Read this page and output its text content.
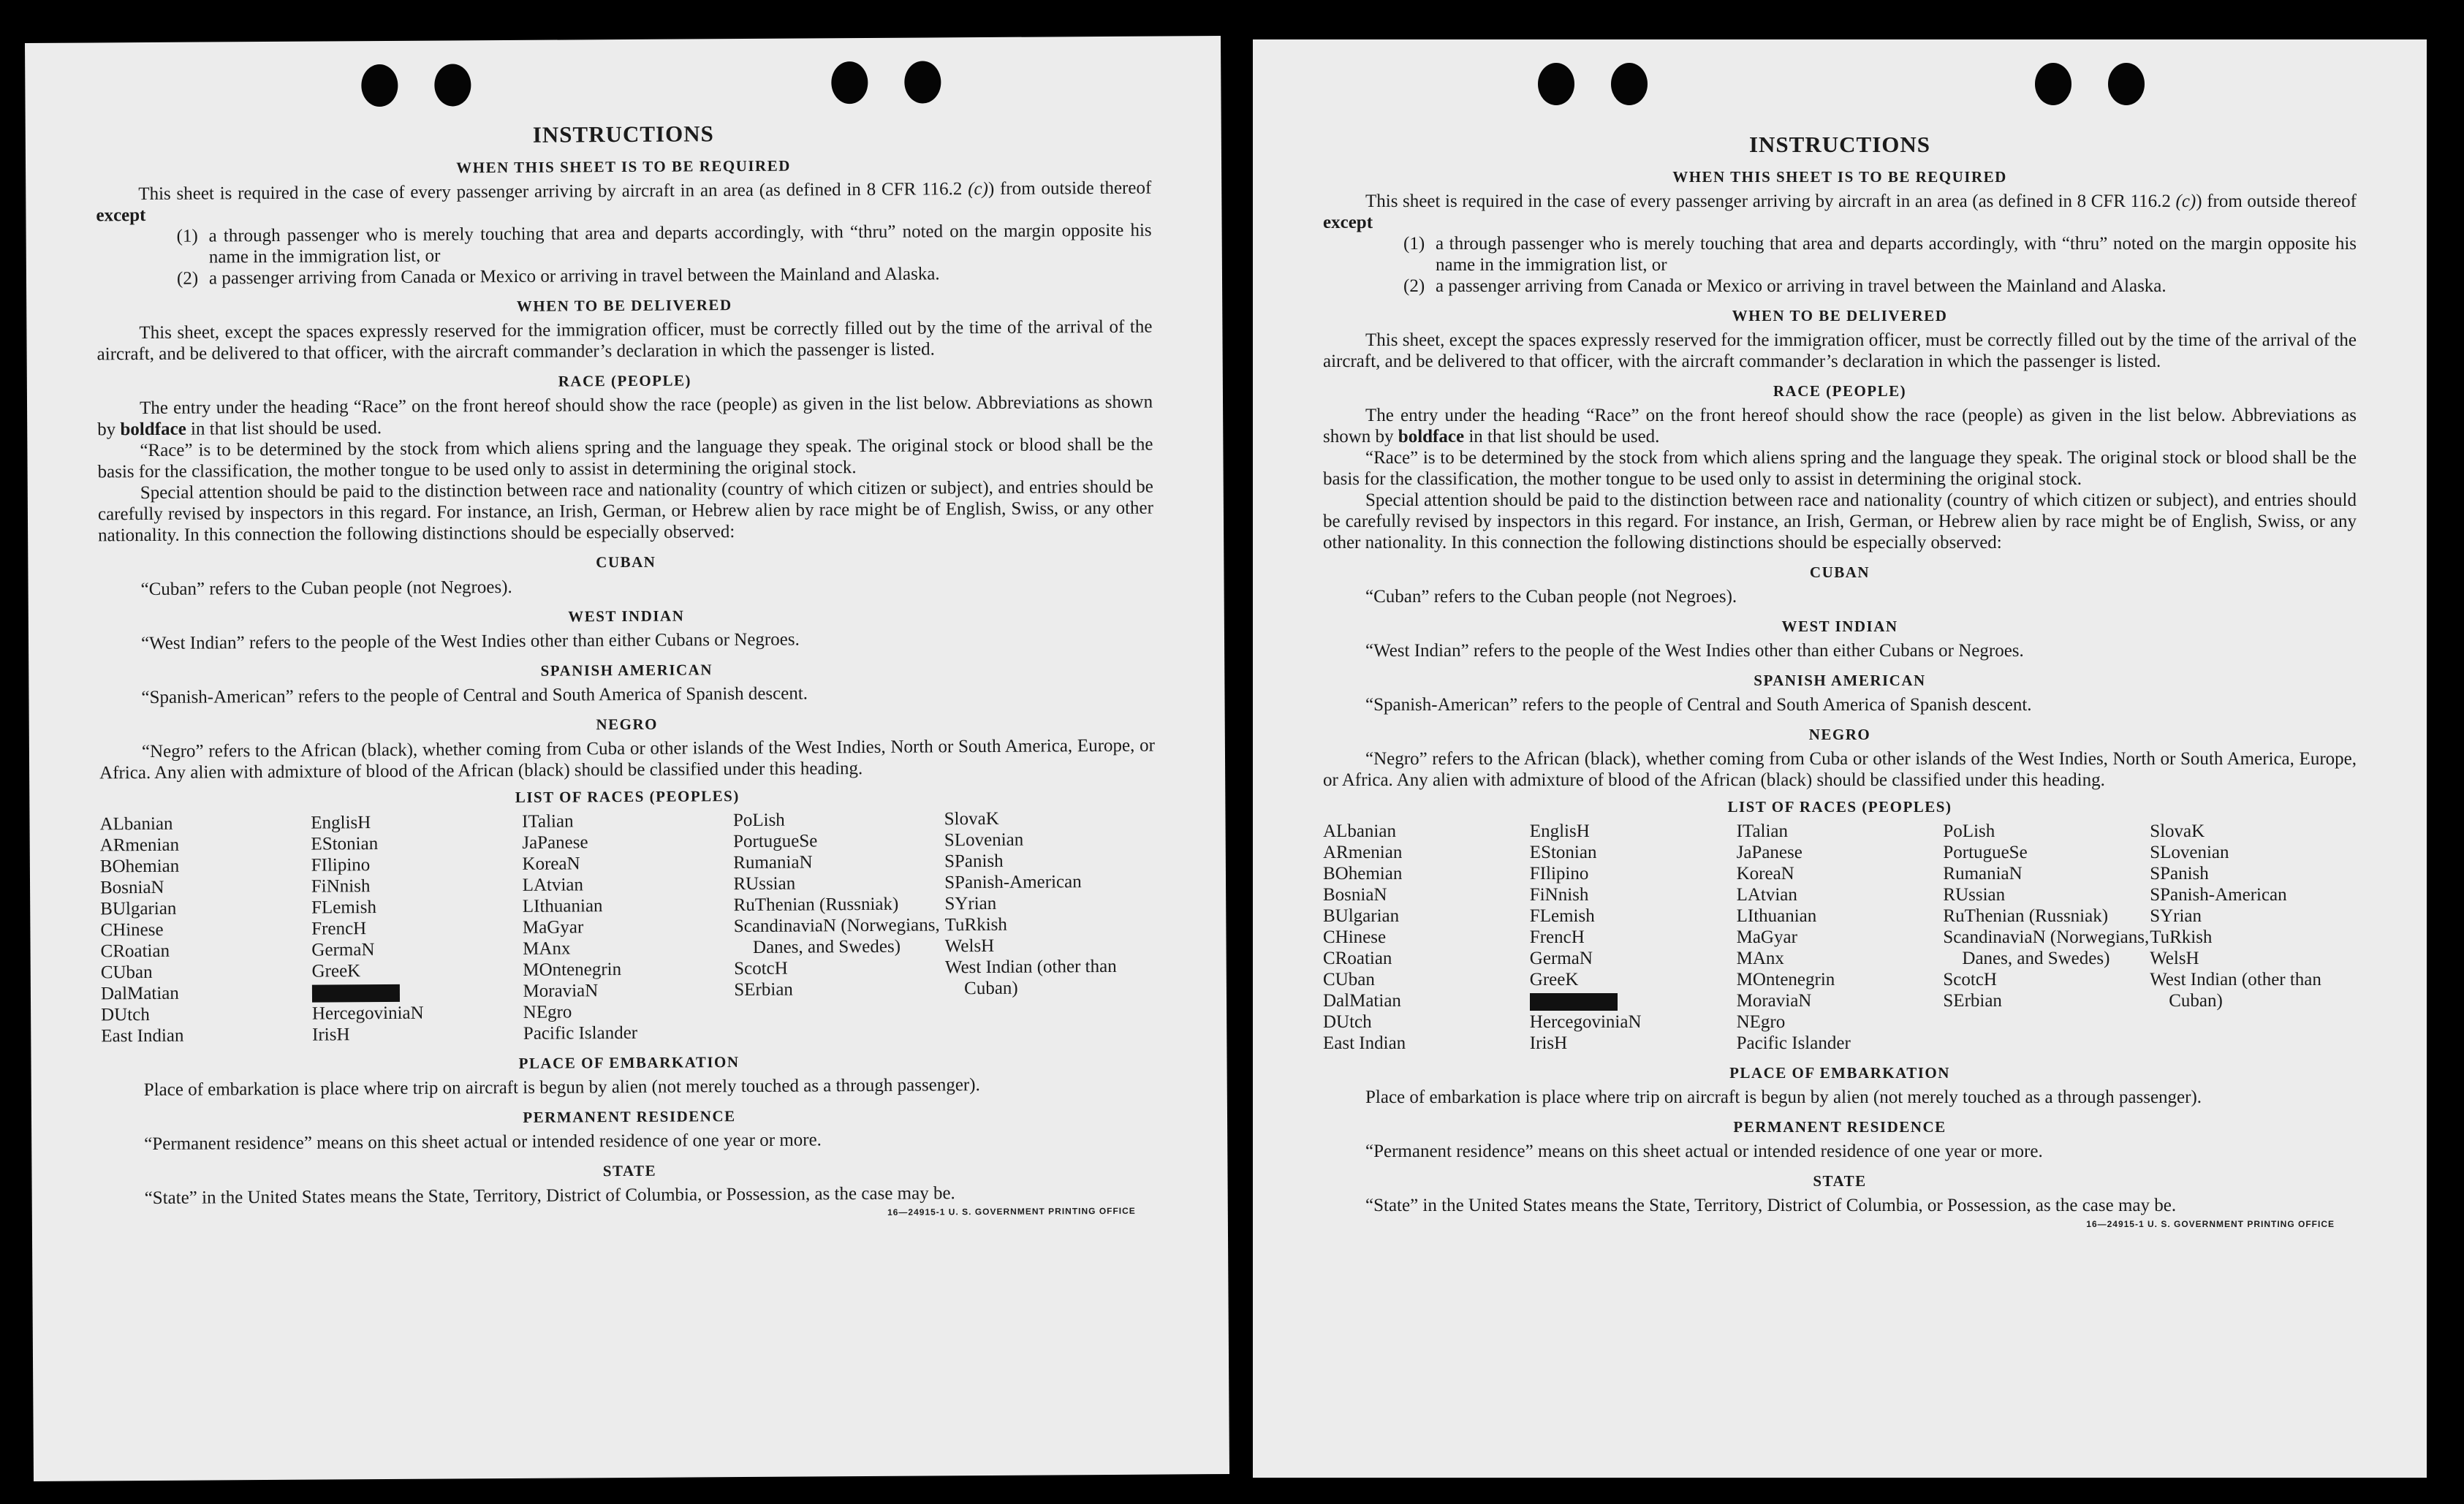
INSTRUCTIONS
WHEN THIS SHEET IS TO BE REQUIRED

This sheet is required in the case of every passenger arriving by aircraft in an area (as defined in 8 CFR 116.2 (c)) from outside thereof except

(1) a through passenger who is merely touching that area and departs accordingly, with “thru” noted on the margin opposite his name in the immigration list, or
(2) a passenger arriving from Canada or Mexico or arriving in travel between the Mainland and Alaska.
WHEN TO BE DELIVERED

This sheet, except the spaces expressly reserved for the immigration officer, must be correctly filled out by the time of the arrival of the aircraft, and be delivered to that officer, with the aircraft commander’s declaration in which the passenger is listed.

RACE (PEOPLE)

The entry under the heading “Race” on the front hereof should show the race (people) as given in the list below. Abbreviations as shown by boldface in that list should be used.

“Race” is to be determined by the stock from which aliens spring and the language they speak. The original stock or blood shall be the basis for the classification, the mother tongue to be used only to assist in determining the original stock.

Special attention should be paid to the distinction between race and nationality (country of which citizen or subject), and entries should be carefully revised by inspectors in this regard. For instance, an Irish, German, or Hebrew alien by race might be of English, Swiss, or any other nationality. In this connection the following distinctions should be especially observed:

CUBAN

“Cuban” refers to the Cuban people (not Negroes).

WEST INDIAN

“West Indian” refers to the people of the West Indies other than either Cubans or Negroes.

SPANISH AMERICAN

“Spanish-American” refers to the people of Central and South America of Spanish descent.

NEGRO

“Negro” refers to the African (black), whether coming from Cuba or other islands of the West Indies, North or South America, Europe, or Africa. Any alien with admixture of blood of the African (black) should be classified under this heading.

LIST OF RACES (PEOPLES)
ALbanian
ARmenian
BOhemian
BosniaN
BUlgarian
CHinese
CRoatian
CUban
DalMatian
DUtch
East Indian
EnglisH
EStonian
FIlipino
FiNnish
FLemish
FrencH
GermaN
GreeK
HercegoviniaN
IrisH
ITalian
JaPanese
KoreaN
LAtvian
LIthuanian
MaGyar
MAnx
MOntenegrin
MoraviaN
NEgro
Pacific Islander
PoLish
PortugueSe
RumaniaN
RUssian
RuThenian (Russniak)
ScandinaviaN (Norwegians, Danes, and Swedes)
ScotcH
SErbian
SlovaK
SLovenian
SPanish
SPanish-American
SYrian
TuRkish
WelsH
West Indian (other than Cuban)
PLACE OF EMBARKATION

Place of embarkation is place where trip on aircraft is begun by alien (not merely touched as a through passenger).

PERMANENT RESIDENCE

“Permanent residence” means on this sheet actual or intended residence of one year or more.

STATE

“State” in the United States means the State, Territory, District of Columbia, or Possession, as the case may be.

16—24915-1 U. S. GOVERNMENT PRINTING OFFICE
INSTRUCTIONS
WHEN THIS SHEET IS TO BE REQUIRED

This sheet is required in the case of every passenger arriving by aircraft in an area (as defined in 8 CFR 116.2 (c)) from outside thereof except

(1) a through passenger who is merely touching that area and departs accordingly, with “thru” noted on the margin opposite his name in the immigration list, or
(2) a passenger arriving from Canada or Mexico or arriving in travel between the Mainland and Alaska.
WHEN TO BE DELIVERED

This sheet, except the spaces expressly reserved for the immigration officer, must be correctly filled out by the time of the arrival of the aircraft, and be delivered to that officer, with the aircraft commander’s declaration in which the passenger is listed.

RACE (PEOPLE)

The entry under the heading “Race” on the front hereof should show the race (people) as given in the list below. Abbreviations as shown by boldface in that list should be used.

“Race” is to be determined by the stock from which aliens spring and the language they speak. The original stock or blood shall be the basis for the classification, the mother tongue to be used only to assist in determining the original stock.

Special attention should be paid to the distinction between race and nationality (country of which citizen or subject), and entries should be carefully revised by inspectors in this regard. For instance, an Irish, German, or Hebrew alien by race might be of English, Swiss, or any other nationality. In this connection the following distinctions should be especially observed:

CUBAN

“Cuban” refers to the Cuban people (not Negroes).

WEST INDIAN

“West Indian” refers to the people of the West Indies other than either Cubans or Negroes.

SPANISH AMERICAN

“Spanish-American” refers to the people of Central and South America of Spanish descent.

NEGRO

“Negro” refers to the African (black), whether coming from Cuba or other islands of the West Indies, North or South America, Europe, or Africa. Any alien with admixture of blood of the African (black) should be classified under this heading.

LIST OF RACES (PEOPLES)
ALbanian
ARmenian
BOhemian
BosniaN
BUlgarian
CHinese
CRoatian
CUban
DalMatian
DUtch
East Indian
EnglisH
EStonian
FIlipino
FiNnish
FLemish
FrencH
GermaN
GreeK
HercegoviniaN
IrisH
ITalian
JaPanese
KoreaN
LAtvian
LIthuanian
MaGyar
MAnx
MOntenegrin
MoraviaN
NEgro
Pacific Islander
PoLish
PortugueSe
RumaniaN
RUssian
RuThenian (Russniak)
ScandinaviaN (Norwegians, Danes, and Swedes)
ScotcH
SErbian
SlovaK
SLovenian
SPanish
SPanish-American
SYrian
TuRkish
WelsH
West Indian (other than Cuban)
PLACE OF EMBARKATION

Place of embarkation is place where trip on aircraft is begun by alien (not merely touched as a through passenger).

PERMANENT RESIDENCE

“Permanent residence” means on this sheet actual or intended residence of one year or more.

STATE

“State” in the United States means the State, Territory, District of Columbia, or Possession, as the case may be.

16—24915-1 U. S. GOVERNMENT PRINTING OFFICE
